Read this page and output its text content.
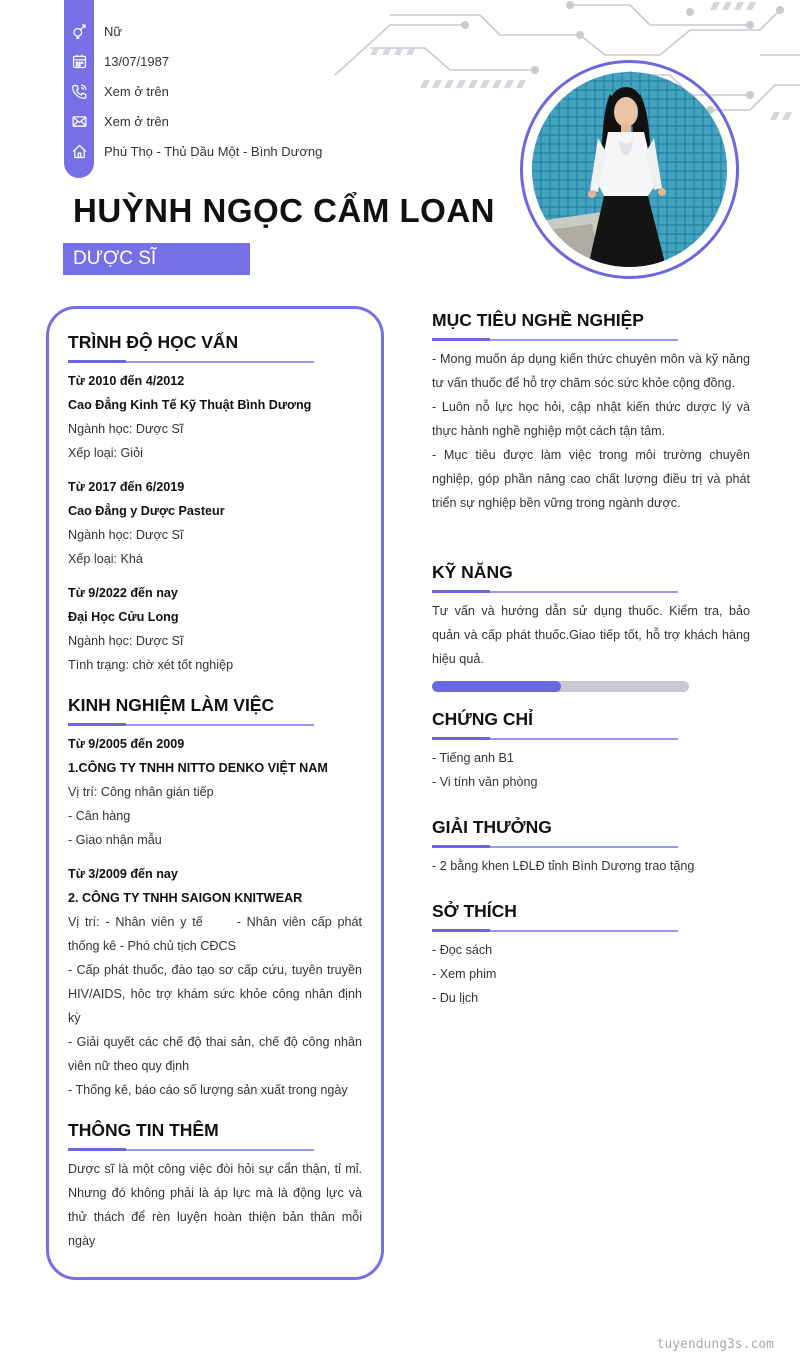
Nữ
13/07/1987
Xem ở trên
Xem ở trên
Phú Thọ - Thủ Dầu Một - Bình Dương
HUỲNH NGỌC CẨM LOAN
DƯỢC SĨ
TRÌNH ĐỘ HỌC VẤN
Từ 2010 đến 4/2012
Cao Đẳng Kinh Tế Kỹ Thuật Bình Dương
Ngành học: Dược Sĩ
Xếp loại: Giỏi
Từ 2017 đến 6/2019
Cao Đẳng y Dược Pasteur
Ngành học: Dược Sĩ
Xếp loại: Khá
Từ 9/2022 đến nay
Đại Học Cửu Long
Ngành học: Dược Sĩ
Tình trạng: chờ xét tốt nghiệp
KINH NGHIỆM LÀM VIỆC
Từ 9/2005 đến 2009
1.CÔNG TY TNHH NITTO DENKO VIỆT NAM
Vị trí: Công nhân gián tiếp
- Cân hàng
- Giao nhận mẫu
Từ 3/2009 đến nay
2. CÔNG TY TNHH SAIGON KNITWEAR
Vị trí: - Nhân viên y tế	- Nhân viên cấp phát thống kê - Phó chủ tịch CĐCS
- Cấp phát thuốc, đào tạo sơ cấp cứu, tuyên truyền HIV/AIDS, hôc trợ khám sức khỏe công nhân định kỳ
- Giải quyết các chế độ thai sản, chế độ công nhân viên nữ theo quy định
- Thống kê, báo cáo số lượng sản xuất trong ngày
THÔNG TIN THÊM
Dược sĩ là một công việc đòi hỏi sự cẩn thận, tỉ mỉ. Nhưng đó không phải là áp lực mà là động lực và thử thách để rèn luyện hoàn thiện bản thân mỗi ngày
MỤC TIÊU NGHỀ NGHIỆP
- Mong muốn áp dụng kiến thức chuyên môn và kỹ năng tư vấn thuốc để hỗ trợ chăm sóc sức khỏe cộng đồng.
- Luôn nỗ lực học hỏi, cập nhật kiến thức dược lý và thực hành nghề nghiệp một cách tận tâm.
- Mục tiêu được làm việc trong môi trường chuyên nghiệp, góp phần nâng cao chất lượng điều trị và phát triển sự nghiệp bền vững trong ngành dược.
KỸ NĂNG
Tư vấn và hướng dẫn sử dụng thuốc. Kiểm tra, bảo quản và cấp phát thuốc.Giao tiếp tốt, hỗ trợ khách hàng hiệu quả.
CHỨNG CHỈ
- Tiếng anh B1
- Vi tính văn phòng
GIẢI THƯỞNG
- 2 bằng khen LĐLĐ tỉnh Bình Dương trao tặng
SỞ THÍCH
- Đọc sách
- Xem phim
- Du lịch
tuyendung3s.com
